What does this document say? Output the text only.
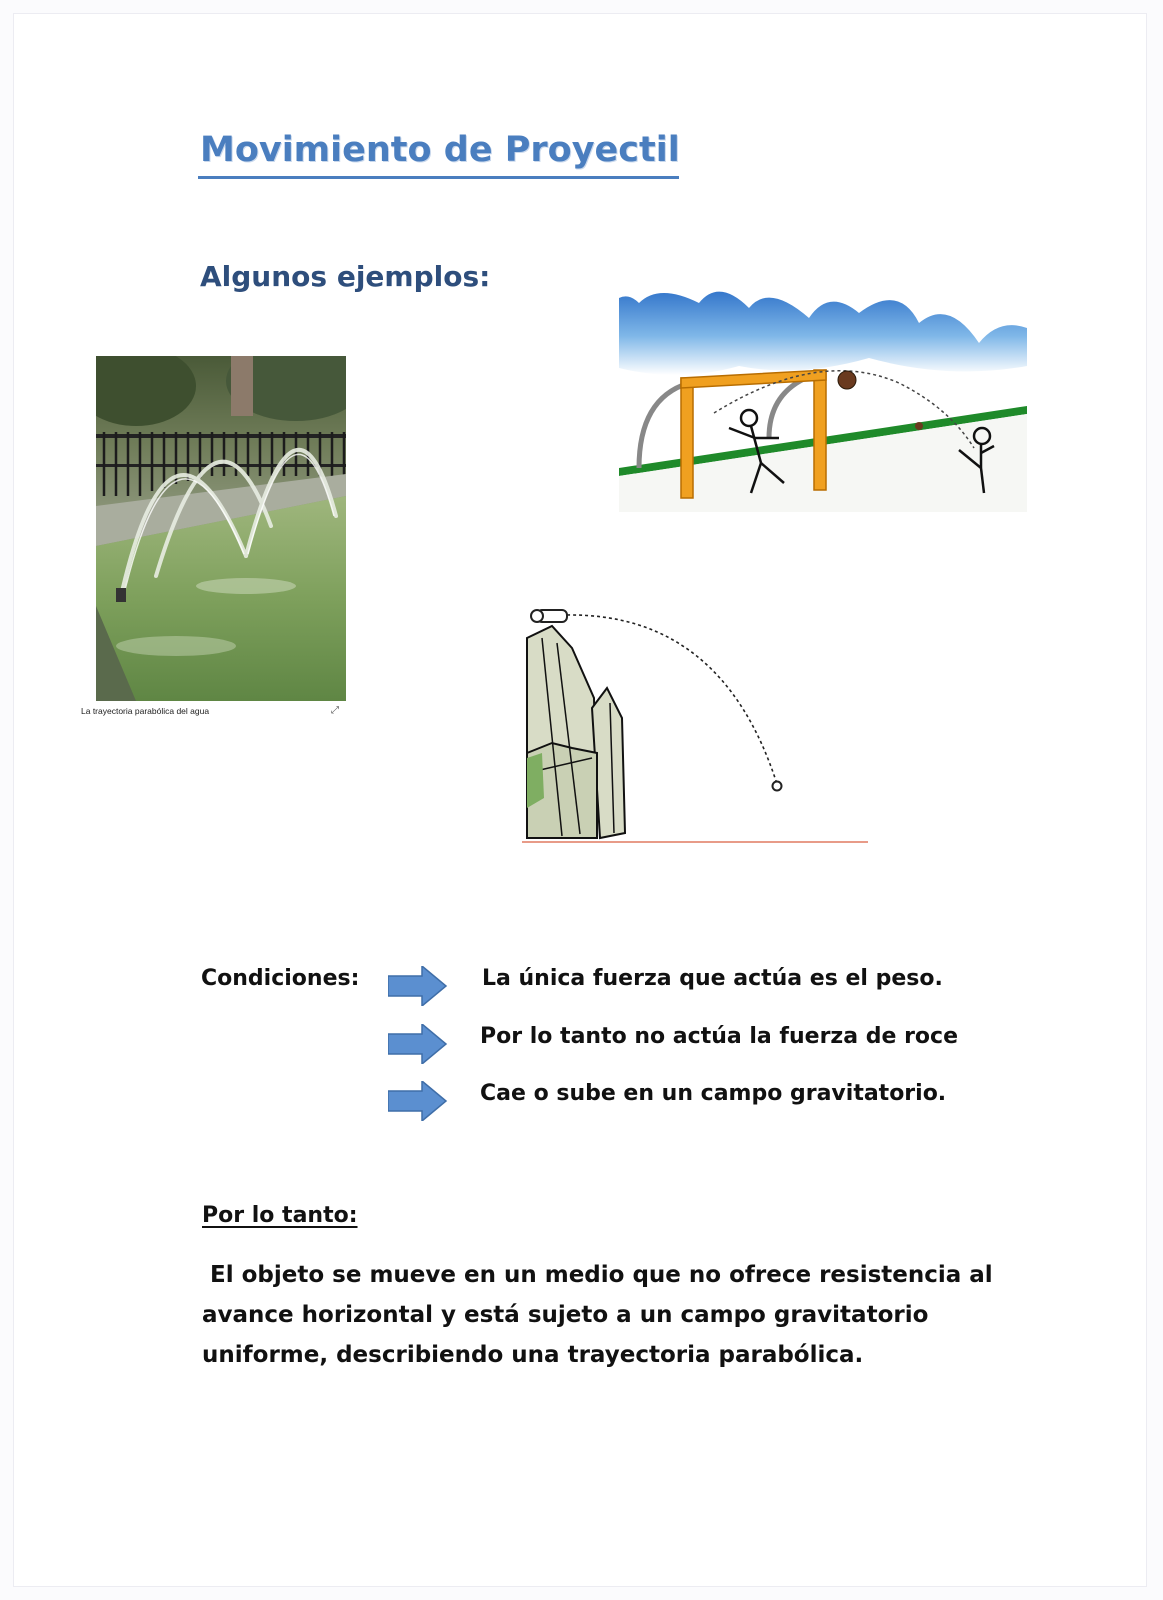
Movimiento de Proyectil
Algunos ejemplos:
La trayectoria parabólica del agua	⤢
Condiciones:	La única fuerza que actúa es el peso.
Por lo tanto no actúa la fuerza de roce
Cae o sube en un campo gravitatorio.
Por lo tanto:
El objeto se mueve en un medio que no ofrece resistencia al
avance horizontal y está sujeto a un campo gravitatorio
uniforme, describiendo una trayectoria parabólica.
